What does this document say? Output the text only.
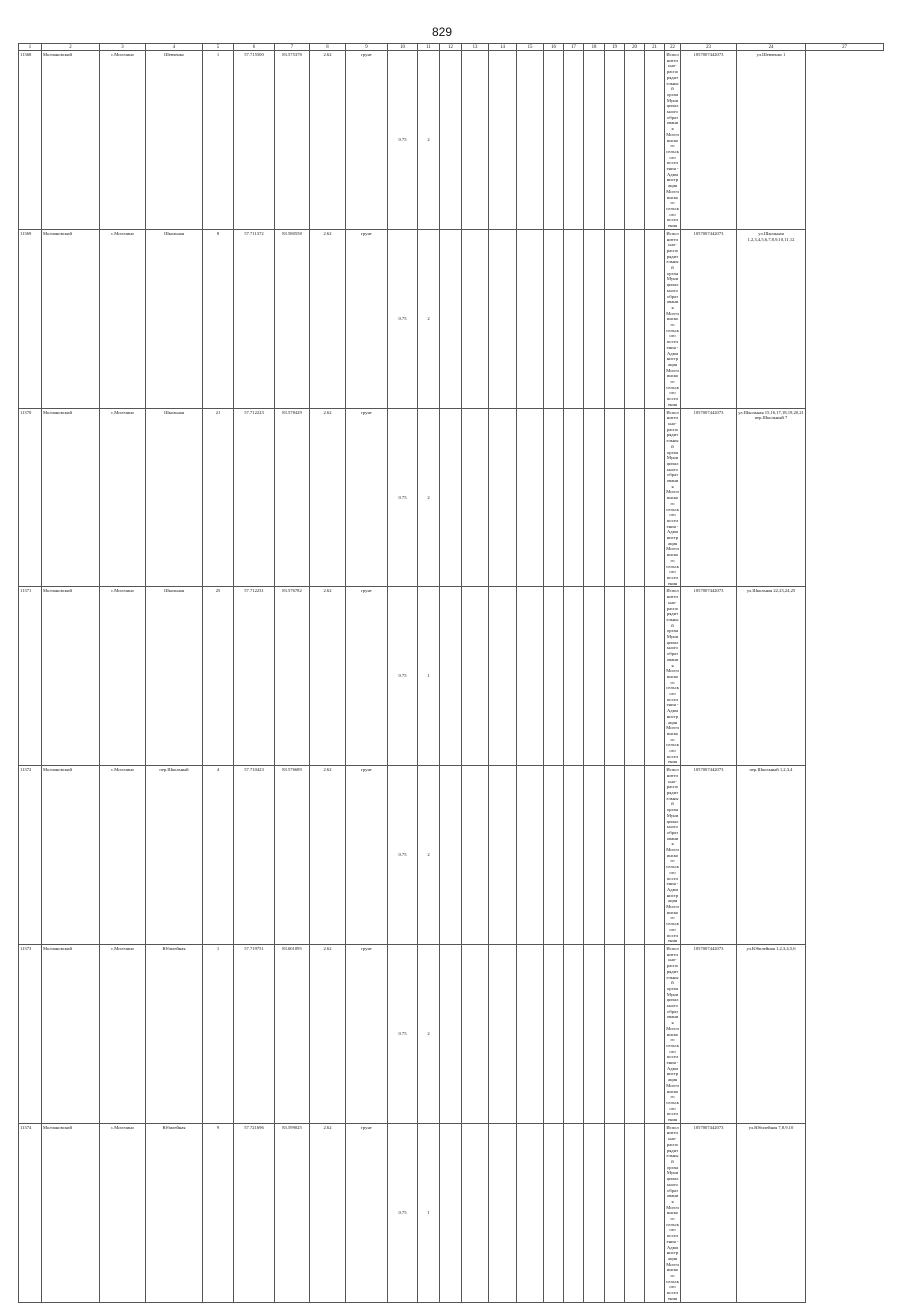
829
1	2	3	4	5	6	7	8	9	10	11	12	13	14	15	16	17	18	19	20	21	22	23	24	27
11368	Молчановский	с.Могочино	Шевченко	1	57.715500	83.575378	2.62	грунт	0.75	2											Исполнительно-распорядительный орган Муниципального образования Могочинского сельского поселения - Администрация Могочинского сельского поселения	1057007442073	ул.Шевченко 1	
11369	Молчановский	с.Могочино	Школьная	8	57.711372	83.580558	2.62	грунт	0.75	2											Исполнительно-распорядительный орган Муниципального образования Могочинского сельского поселения - Администрация Могочинского сельского поселения	1057007442073	ул.Школьная 1,2,3,4,5,6,7,8,9,10,11,12	
11370	Молчановский	с.Могочино	Школьная	21	57.712223	83.578429	2.62	грунт	0.75	2											Исполнительно-распорядительный орган Муниципального образования Могочинского сельского поселения - Администрация Могочинского сельского поселения	1057007442073	ул.Школьная 15,16,17,18,19,20,21 пер.Школьный 7	
11371	Молчановский	с.Могочино	Школьная	25	57.712231	83.576782	2.62	грунт	0.75	1											Исполнительно-распорядительный орган Муниципального образования Могочинского сельского поселения - Администрация Могочинского сельского поселения	1057007442073	ул.Школьная 22,23,24,25	
11372	Молчановский	с.Могочино	пер.Школьный	4	57.710423	83.576689	2.62	грунт	0.75	2											Исполнительно-распорядительный орган Муниципального образования Могочинского сельского поселения - Администрация Могочинского сельского поселения	1057007442073	пер.Школьный 1,2,3,4	
11373	Молчановский	с.Могочино	Юбилейная	1	57.719751	83.601095	2.62	грунт	0.75	2											Исполнительно-распорядительный орган Муниципального образования Могочинского сельского поселения - Администрация Могочинского сельского поселения	1057007442073	ул.Юбилейная 1,2,3,4,5,6	
11374	Молчановский	с.Могочино	Юбилейная	9	57.721696	83.599025	2.62	грунт	0.75	1											Исполнительно-распорядительный орган Муниципального образования Могочинского сельского поселения - Администрация Могочинского сельского поселения	1057007442073	ул.Юбилейная 7,8,9,10	
